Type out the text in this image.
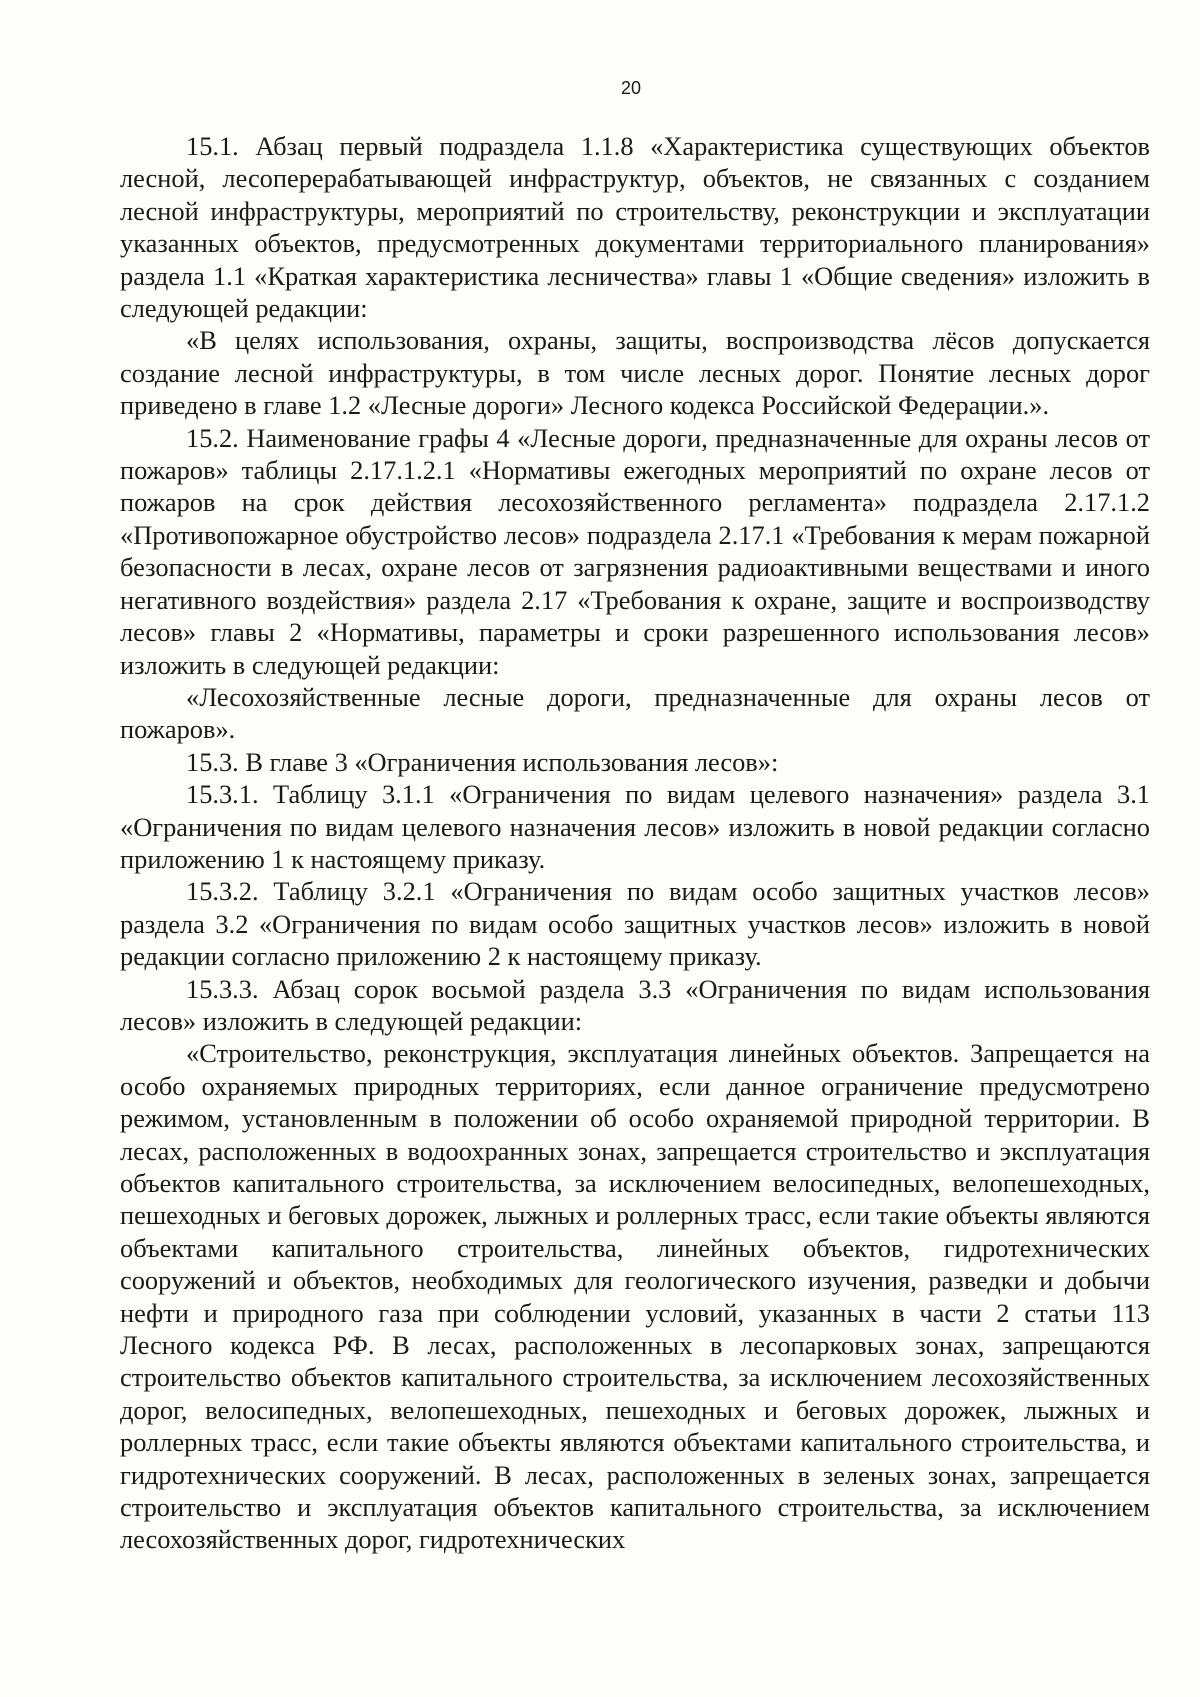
20

15.1. Абзац первый подраздела 1.1.8 «Характеристика существующих объектов лесной, лесоперерабатывающей инфраструктур, объектов, не связанных с созданием лесной инфраструктуры, мероприятий по строительству, реконструкции и эксплуатации указанных объектов, предусмотренных документами территориального планирования» раздела 1.1 «Краткая характеристика лесничества» главы 1 «Общие сведения» изложить в следующей редакции:

«В целях использования, охраны, защиты, воспроизводства лёсов допускается создание лесной инфраструктуры, в том числе лесных дорог. Понятие лесных дорог приведено в главе 1.2 «Лесные дороги» Лесного кодекса Российской Федерации.».

15.2. Наименование графы 4 «Лесные дороги, предназначенные для охраны лесов от пожаров» таблицы 2.17.1.2.1 «Нормативы ежегодных мероприятий по охране лесов от пожаров на срок действия лесохозяйственного регламента» подраздела 2.17.1.2 «Противопожарное обустройство лесов» подраздела 2.17.1 «Требования к мерам пожарной безопасности в лесах, охране лесов от загрязнения радиоактивными веществами и иного негативного воздействия» раздела 2.17 «Требования к охране, защите и воспроизводству лесов» главы 2 «Нормативы, параметры и сроки разрешенного использования лесов» изложить в следующей редакции:

«Лесохозяйственные лесные дороги, предназначенные для охраны лесов от пожаров».

15.3. В главе 3 «Ограничения использования лесов»:

15.3.1. Таблицу 3.1.1 «Ограничения по видам целевого назначения» раздела 3.1 «Ограничения по видам целевого назначения лесов» изложить в новой редакции согласно приложению 1 к настоящему приказу.

15.3.2. Таблицу 3.2.1 «Ограничения по видам особо защитных участков лесов» раздела 3.2 «Ограничения по видам особо защитных участков лесов» изложить в новой редакции согласно приложению 2 к настоящему приказу.

15.3.3. Абзац сорок восьмой раздела 3.3 «Ограничения по видам использования лесов» изложить в следующей редакции:

«Строительство, реконструкция, эксплуатация линейных объектов. Запрещается на особо охраняемых природных территориях, если данное ограничение предусмотрено режимом, установленным в положении об особо охраняемой природной территории. В лесах, расположенных в водоохранных зонах, запрещается строительство и эксплуатация объектов капитального строительства, за исключением велосипедных, велопешеходных, пешеходных и беговых дорожек, лыжных и роллерных трасс, если такие объекты являются объектами капитального строительства, линейных объектов, гидротехнических сооружений и объектов, необходимых для геологического изучения, разведки и добычи нефти и природного газа при соблюдении условий, указанных в части 2 статьи 113 Лесного кодекса РФ. В лесах, расположенных в лесопарковых зонах, запрещаются строительство объектов капитального строительства, за исключением лесохозяйственных дорог, велосипедных, велопешеходных, пешеходных и беговых дорожек, лыжных и роллерных трасс, если такие объекты являются объектами капитального строительства, и гидротехнических сооружений. В лесах, расположенных в зеленых зонах, запрещается строительство и эксплуатация объектов капитального строительства, за исключением лесохозяйственных дорог, гидротехнических
